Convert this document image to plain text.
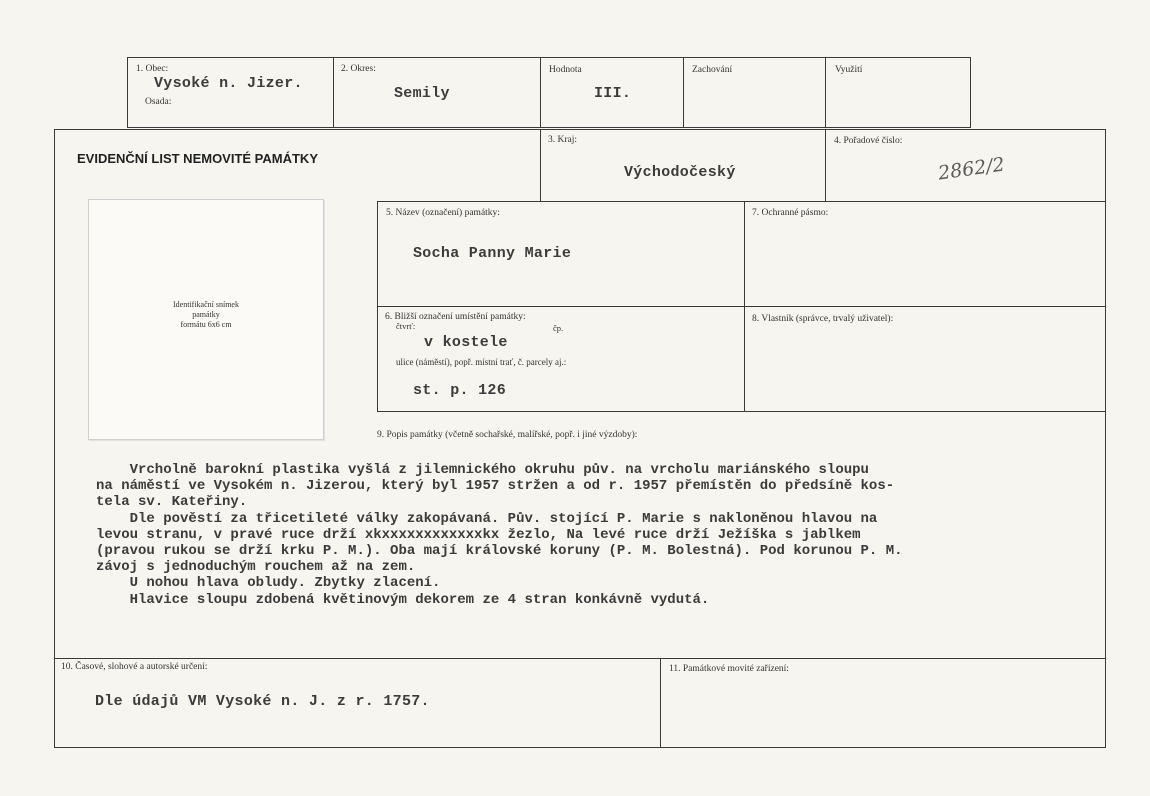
1. Obec:
Vysoké n. Jizer.
Osada:
2. Okres:
Semily
Hodnota
III.
Zachování	Využití
EVIDENČNÍ LIST NEMOVITÉ PAMÁTKY
3. Kraj:
Východočeský
4. Pořadové číslo:
2862/2
Identifikační snímek
památky
formátu 6x6 cm
5. Název (označení) památky:
Socha Panny Marie
7. Ochranné pásmo:
6. Bližší označení umístění památky:
čtvrť:	čp.
v kostele
ulice (náměstí), popř. místní trať, č. parcely aj.:
st. p. 126
8. Vlastník (správce, trvalý uživatel):
9. Popis památky (včetně sochařské, malířské, popř. i jiné výzdoby):
Vrcholně barokní plastika vyšlá z jilemnického okruhu pův. na vrcholu mariánského sloupu
na náměstí ve Vysokém n. Jizerou, který byl 1957 stržen a od r. 1957 přemístěn do předsíně kos-
tela sv. Kateřiny.
Dle pověstí za třicetileté války zakopávaná. Pův. stojící P. Marie s nakloněnou hlavou na
levou stranu, v pravé ruce drží xkxxxxxxxxxxxxkx žezlo, Na levé ruce drží Ježíška s jablkem
(pravou rukou se drží krku P. M.). Oba mají královské koruny (P. M. Bolestná). Pod korunou P. M.
závoj s jednoduchým rouchem až na zem.
U nohou hlava obludy. Zbytky zlacení.
Hlavice sloupu zdobená květinovým dekorem ze 4 stran konkávně vydutá.
10. Časové, slohové a autorské určení:
Dle údajů VM Vysoké n. J. z r. 1757.
11. Památkové movité zařízení:
